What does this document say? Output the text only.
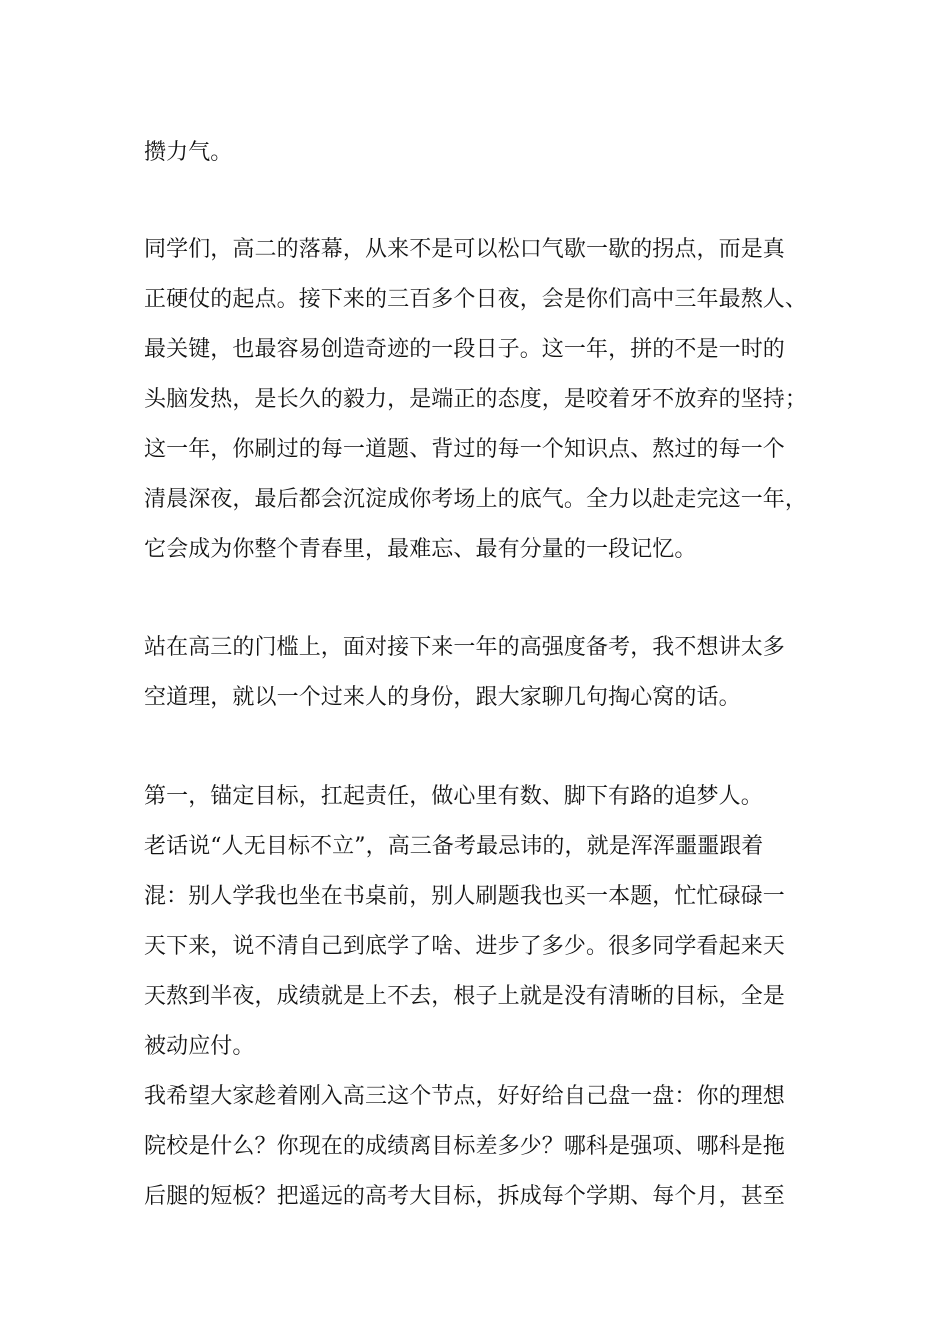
攒力气。

同学们，高二的落幕，从来不是可以松口气歇一歇的拐点，而是真

正硬仗的起点。接下来的三百多个日夜，会是你们高中三年最熬人、

最关键，也最容易创造奇迹的一段日子。这一年，拼的不是一时的

头脑发热，是长久的毅力，是端正的态度，是咬着牙不放弃的坚持；

这一年，你刷过的每一道题、背过的每一个知识点、熬过的每一个

清晨深夜，最后都会沉淀成你考场上的底气。全力以赴走完这一年，

它会成为你整个青春里，最难忘、最有分量的一段记忆。

站在高三的门槛上，面对接下来一年的高强度备考，我不想讲太多

空道理，就以一个过来人的身份，跟大家聊几句掏心窝的话。

第一，锚定目标，扛起责任，做心里有数、脚下有路的追梦人。

老话说“人无目标不立”，高三备考最忌讳的，就是浑浑噩噩跟着

混：别人学我也坐在书桌前，别人刷题我也买一本题，忙忙碌碌一

天下来，说不清自己到底学了啥、进步了多少。很多同学看起来天

天熬到半夜，成绩就是上不去，根子上就是没有清晰的目标，全是

被动应付。

我希望大家趁着刚入高三这个节点，好好给自己盘一盘：你的理想

院校是什么？你现在的成绩离目标差多少？哪科是强项、哪科是拖

后腿的短板？把遥远的高考大目标，拆成每个学期、每个月，甚至
